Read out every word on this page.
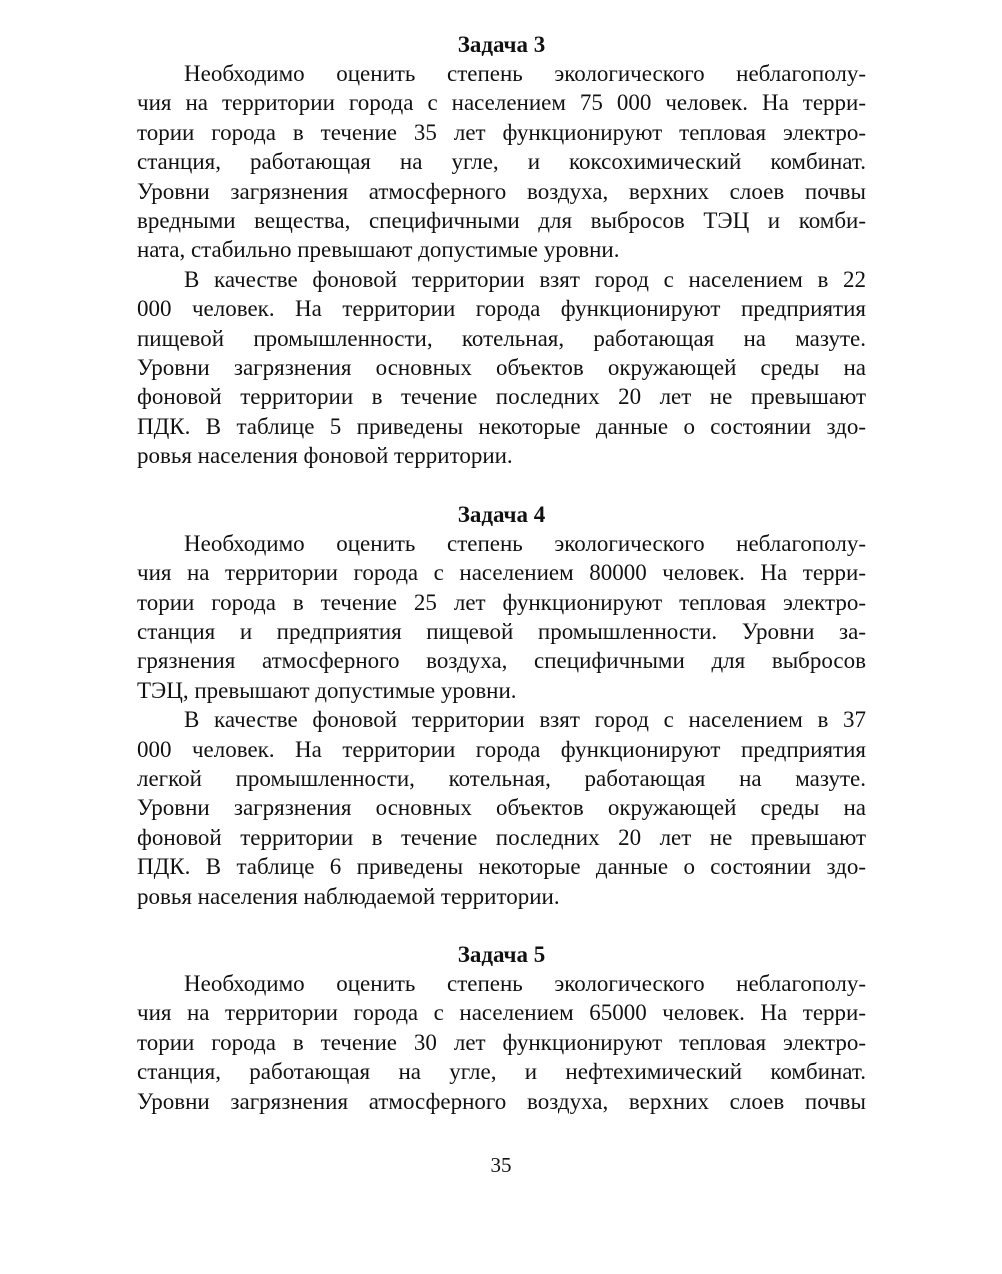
Задача 3

Необходимо оценить степень экологического неблагополу-
чия на территории города с населением 75 000 человек. На терри-
тории города в течение 35 лет функционируют тепловая электро-
станция, работающая на угле, и коксохимический комбинат.
Уровни загрязнения атмосферного воздуха, верхних слоев почвы
вредными вещества, специфичными для выбросов ТЭЦ и комби-
ната, стабильно превышают допустимые уровни.

В качестве фоновой территории взят город с населением в 22
000 человек. На территории города функционируют предприятия
пищевой промышленности, котельная, работающая на мазуте.
Уровни загрязнения основных объектов окружающей среды на
фоновой территории в течение последних 20 лет не превышают
ПДК. В таблице 5 приведены некоторые данные о состоянии здо-
ровья населения фоновой территории.

Задача 4

Необходимо оценить степень экологического неблагополу-
чия на территории города с населением 80000 человек. На терри-
тории города в течение 25 лет функционируют тепловая электро-
станция и предприятия пищевой промышленности. Уровни за-
грязнения атмосферного воздуха, специфичными для выбросов
ТЭЦ, превышают допустимые уровни.

В качестве фоновой территории взят город с населением в 37
000 человек. На территории города функционируют предприятия
легкой промышленности, котельная, работающая на мазуте.
Уровни загрязнения основных объектов окружающей среды на
фоновой территории в течение последних 20 лет не превышают
ПДК. В таблице 6 приведены некоторые данные о состоянии здо-
ровья населения наблюдаемой территории.

Задача 5

Необходимо оценить степень экологического неблагополу-
чия на территории города с населением 65000 человек. На терри-
тории города в течение 30 лет функционируют тепловая электро-
станция, работающая на угле, и нефтехимический комбинат.
Уровни загрязнения атмосферного воздуха, верхних слоев почвы

35
